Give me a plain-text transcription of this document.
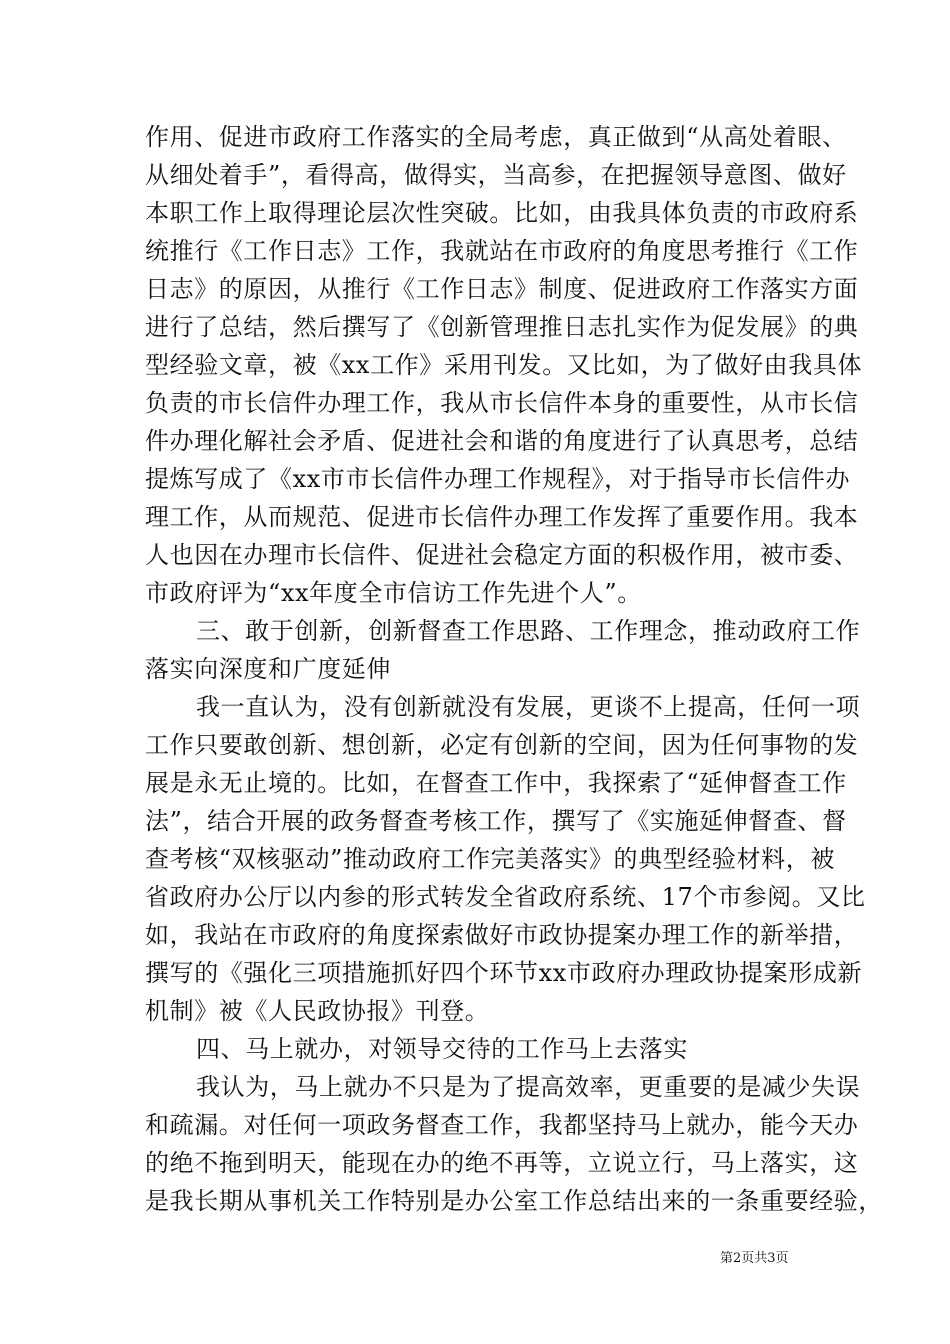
作用、促进市政府工作落实的全局考虑，真正做到“从高处着眼、
从细处着手”，看得高，做得实，当高参，在把握领导意图、做好
本职工作上取得理论层次性突破。比如，由我具体负责的市政府系
统推行《工作日志》工作，我就站在市政府的角度思考推行《工作
日志》的原因，从推行《工作日志》制度、促进政府工作落实方面
进行了总结，然后撰写了《创新管理推日志扎实作为促发展》的典
型经验文章，被《xx工作》采用刊发。又比如，为了做好由我具体
负责的市长信件办理工作，我从市长信件本身的重要性，从市长信
件办理化解社会矛盾、促进社会和谐的角度进行了认真思考，总结
提炼写成了《xx市市长信件办理工作规程》，对于指导市长信件办
理工作，从而规范、促进市长信件办理工作发挥了重要作用。我本
人也因在办理市长信件、促进社会稳定方面的积极作用，被市委、
市政府评为“xx年度全市信访工作先进个人”。
三、敢于创新，创新督查工作思路、工作理念，推动政府工作
落实向深度和广度延伸
我一直认为，没有创新就没有发展，更谈不上提高，任何一项
工作只要敢创新、想创新，必定有创新的空间，因为任何事物的发
展是永无止境的。比如，在督查工作中，我探索了“延伸督查工作
法”，结合开展的政务督查考核工作，撰写了《实施延伸督查、督
查考核“双核驱动”推动政府工作完美落实》的典型经验材料，被
省政府办公厅以内参的形式转发全省政府系统、17个市参阅。又比
如，我站在市政府的角度探索做好市政协提案办理工作的新举措，
撰写的《强化三项措施抓好四个环节xx市政府办理政协提案形成新
机制》被《人民政协报》刊登。
四、马上就办，对领导交待的工作马上去落实
我认为，马上就办不只是为了提高效率，更重要的是减少失误
和疏漏。对任何一项政务督查工作，我都坚持马上就办，能今天办
的绝不拖到明天，能现在办的绝不再等，立说立行，马上落实，这
是我长期从事机关工作特别是办公室工作总结出来的一条重要经验，
第2页共3页
